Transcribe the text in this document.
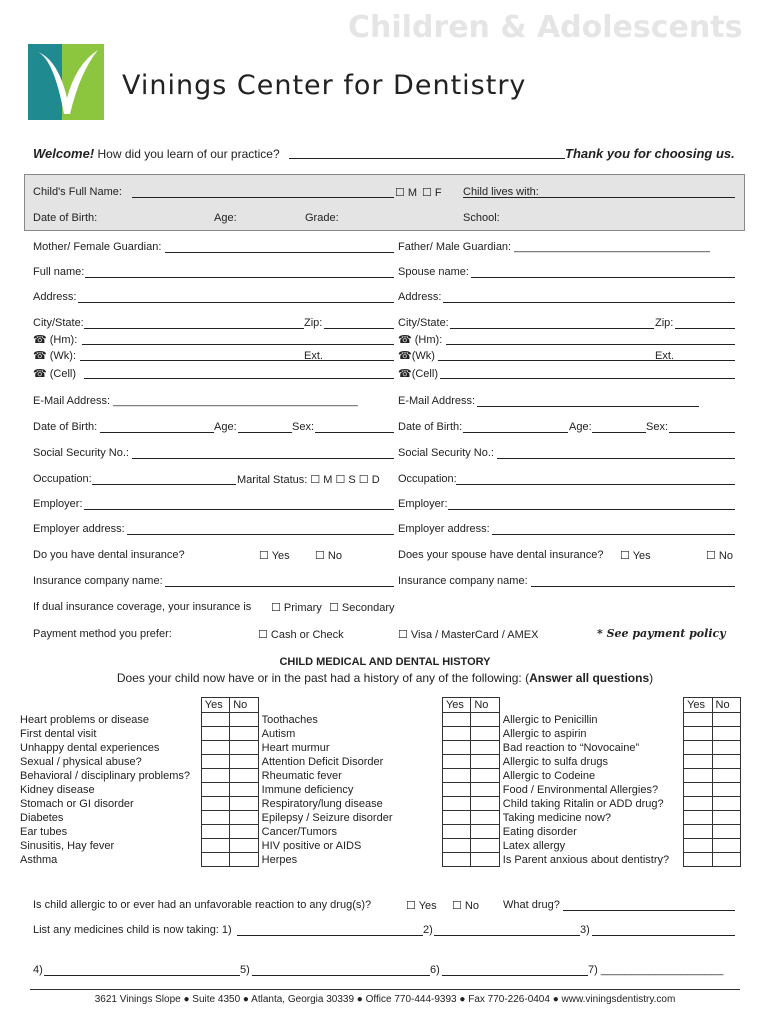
Children & Adolescents
Vinings Center for Dentistry
Welcome! How did you learn of our practice?	Thank you for choosing us.
Child's Full Name:	☐ M ☐ F Child lives with:
Date of Birth:	Age:	Grade:	School:
Mother/ Female Guardian:
Full name:
Address:
City/State:	Zip:
☎ (Hm):
☎ (Wk):	Ext.
☎ (Cell)
E-Mail Address: ________________________________________
Date of Birth:	Age:	Sex:
Social Security No.:
Occupation:	Marital Status: ☐ M ☐ S ☐ D
Employer:
Employer address:
Do you have dental insurance?	☐ Yes ☐ No
Insurance company name:
Father/ Male Guardian: ________________________________
Spouse name:
Address:
City/State:	Zip:
☎ (Hm):
☎(Wk)	Ext.
☎(Cell)
E-Mail Address:
Date of Birth:	Age:	Sex:
Social Security No.:
Occupation:
Employer:
Employer address:
Does your spouse have dental insurance? ☐ Yes	☐ No
Insurance company name:
If dual insurance coverage, your insurance is ☐ Primary ☐ Secondary
Payment method you prefer:	☐ Cash or Check	☐ Visa / MasterCard / AMEX	* See payment policy
CHILD MEDICAL AND DENTAL HISTORY
Does your child now have or in the past had a history of any of the following: (Answer all questions)
	Yes	No		Yes	No		Yes	No
Heart problems or disease			Toothaches			Allergic to Penicillin		
First dental visit			Autism			Allergic to aspirin		
Unhappy dental experiences			Heart murmur			Bad reaction to “Novocaine”		
Sexual / physical abuse?			Attention Deficit Disorder			Allergic to sulfa drugs		
Behavioral / disciplinary problems?			Rheumatic fever			Allergic to Codeine		
Kidney disease			Immune deficiency			Food / Environmental Allergies?		
Stomach or GI disorder			Respiratory/lung disease			Child taking Ritalin or ADD drug?		
Diabetes			Epilepsy / Seizure disorder			Taking medicine now?		
Ear tubes			Cancer/Tumors			Eating disorder		
Sinusitis, Hay fever			HIV positive or AIDS			Latex allergy		
Asthma			Herpes			Is Parent anxious about dentistry?		
Is child allergic to or ever had an unfavorable reaction to any drug(s)?	☐ Yes ☐ No What drug?
List any medicines child is now taking: 1)	2)	3)
4)	5)	6)	7) ____________________
3621 Vinings Slope ● Suite 4350 ● Atlanta, Georgia 30339 ● Office 770-444-9393 ● Fax 770-226-0404 ● www.viningsdentistry.com
